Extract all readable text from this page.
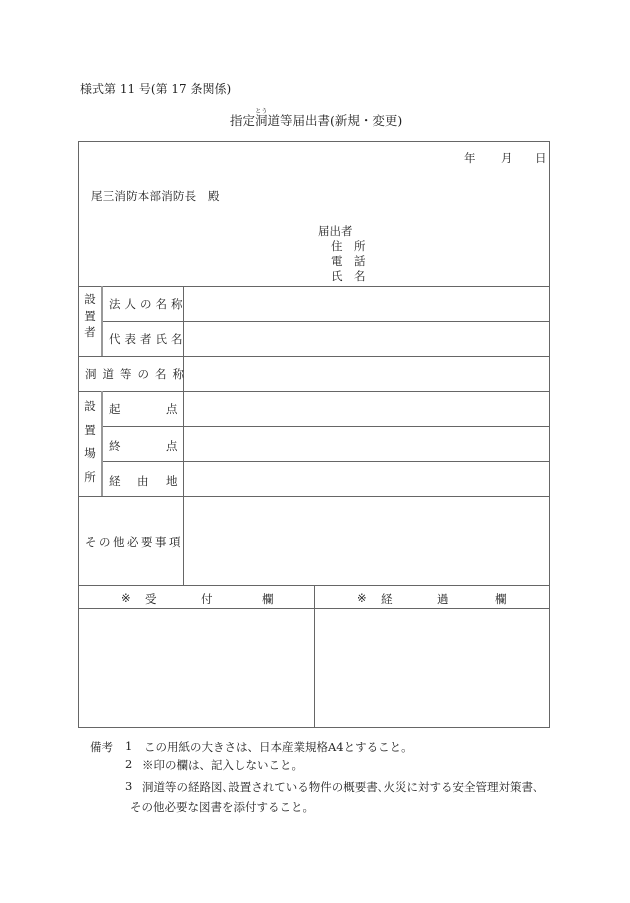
様式第 11 号(第 17 条関係)
指定洞とう道等届出書(新規・変更)
年 月 日
尾三消防本部消防長　殿
届出者
住　所
電　話
氏　名
設
置
者
法人の名称
代表者氏名
洞道等の名称
設
置
場
所
起	点
終	点
経 由 地
その他必要事項
※ 受	付	欄	※ 経	過	欄
備考 1 この用紙の大きさは、日本産業規格A4とすること。
2 ※印の欄は、記入しないこと。
3 洞道等の経路図､設置されている物件の概要書､火災に対する安全管理対策書､
その他必要な図書を添付すること。
